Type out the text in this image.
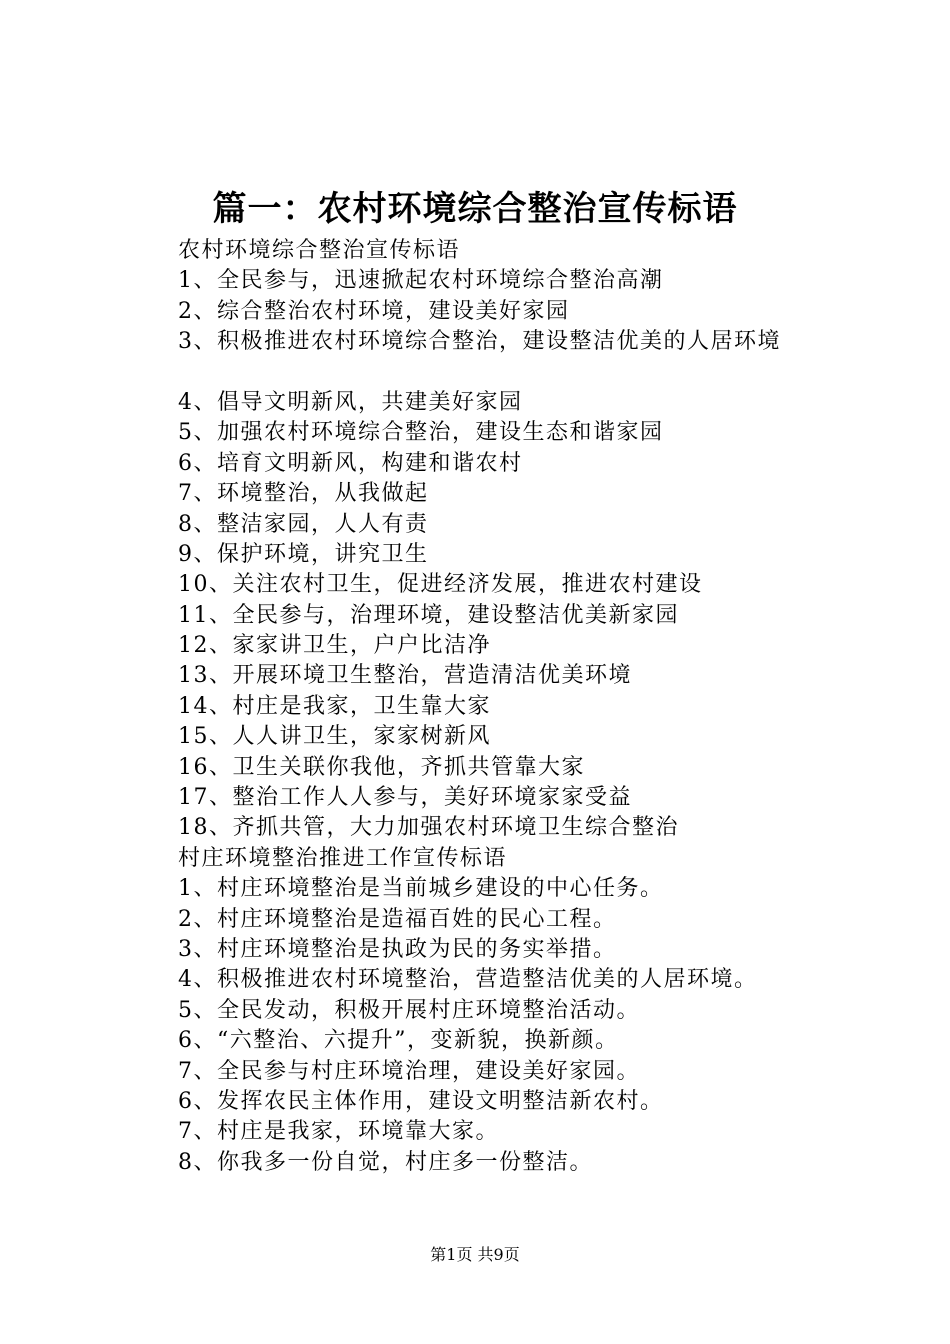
篇一：农村环境综合整治宣传标语
农村环境综合整治宣传标语
1、全民参与，迅速掀起农村环境综合整治高潮
2、综合整治农村环境，建设美好家园
3、积极推进农村环境综合整治，建设整洁优美的人居环境
4、倡导文明新风，共建美好家园
5、加强农村环境综合整治，建设生态和谐家园
6、培育文明新风，构建和谐农村
7、环境整治，从我做起
8、整洁家园，人人有责
9、保护环境，讲究卫生
10、关注农村卫生，促进经济发展，推进农村建设
11、全民参与，治理环境，建设整洁优美新家园
12、家家讲卫生，户户比洁净
13、开展环境卫生整治，营造清洁优美环境
14、村庄是我家，卫生靠大家
15、人人讲卫生，家家树新风
16、卫生关联你我他，齐抓共管靠大家
17、整治工作人人参与，美好环境家家受益
18、齐抓共管，大力加强农村环境卫生综合整治
村庄环境整治推进工作宣传标语
1、村庄环境整治是当前城乡建设的中心任务。
2、村庄环境整治是造福百姓的民心工程。
3、村庄环境整治是执政为民的务实举措。
4、积极推进农村环境整治，营造整洁优美的人居环境。
5、全民发动，积极开展村庄环境整治活动。
6、“六整治、六提升”，变新貌，换新颜。
7、全民参与村庄环境治理，建设美好家园。
6、发挥农民主体作用，建设文明整洁新农村。
7、村庄是我家，环境靠大家。
8、你我多一份自觉，村庄多一份整洁。
第1页 共9页
